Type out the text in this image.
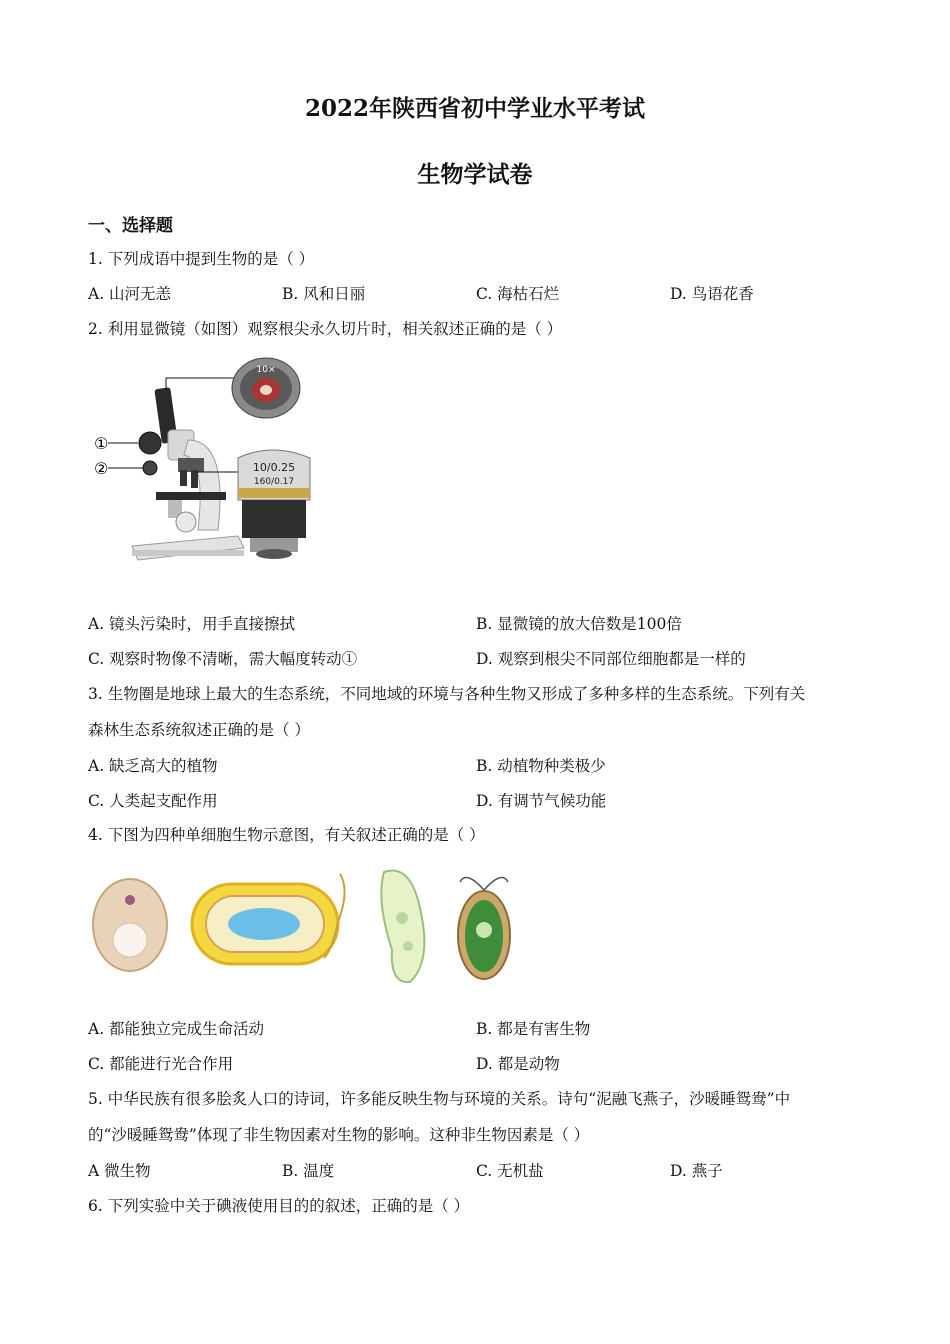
2022年陕西省初中学业水平考试
生物学试卷
一、选择题
1. 下列成语中提到生物的是（ ）
A. 山河无恙	B. 风和日丽	C. 海枯石烂	D. 鸟语花香
2. 利用显微镜（如图）观察根尖永久切片时，相关叙述正确的是（ ）
①
②
10×
10/0.25
160/0.17
A. 镜头污染时，用手直接擦拭	B. 显微镜的放大倍数是100倍
C. 观察时物像不清晰，需大幅度转动①	D. 观察到根尖不同部位细胞都是一样的
3. 生物圈是地球上最大的生态系统，不同地域的环境与各种生物又形成了多种多样的生态系统。下列有关
森林生态系统叙述正确的是（ ）
A. 缺乏高大的植物	B. 动植物种类极少
C. 人类起支配作用	D. 有调节气候功能
4. 下图为四种单细胞生物示意图，有关叙述正确的是（ ）
A. 都能独立完成生命活动	B. 都是有害生物
C. 都能进行光合作用	D. 都是动物
5. 中华民族有很多脍炙人口的诗词，许多能反映生物与环境的关系。诗句“泥融飞燕子，沙暖睡鸳鸯”中
的“沙暖睡鸳鸯”体现了非生物因素对生物的影响。这种非生物因素是（ ）
A 微生物	B. 温度	C. 无机盐	D. 燕子
6. 下列实验中关于碘液使用目的的叙述，正确的是（ ）
